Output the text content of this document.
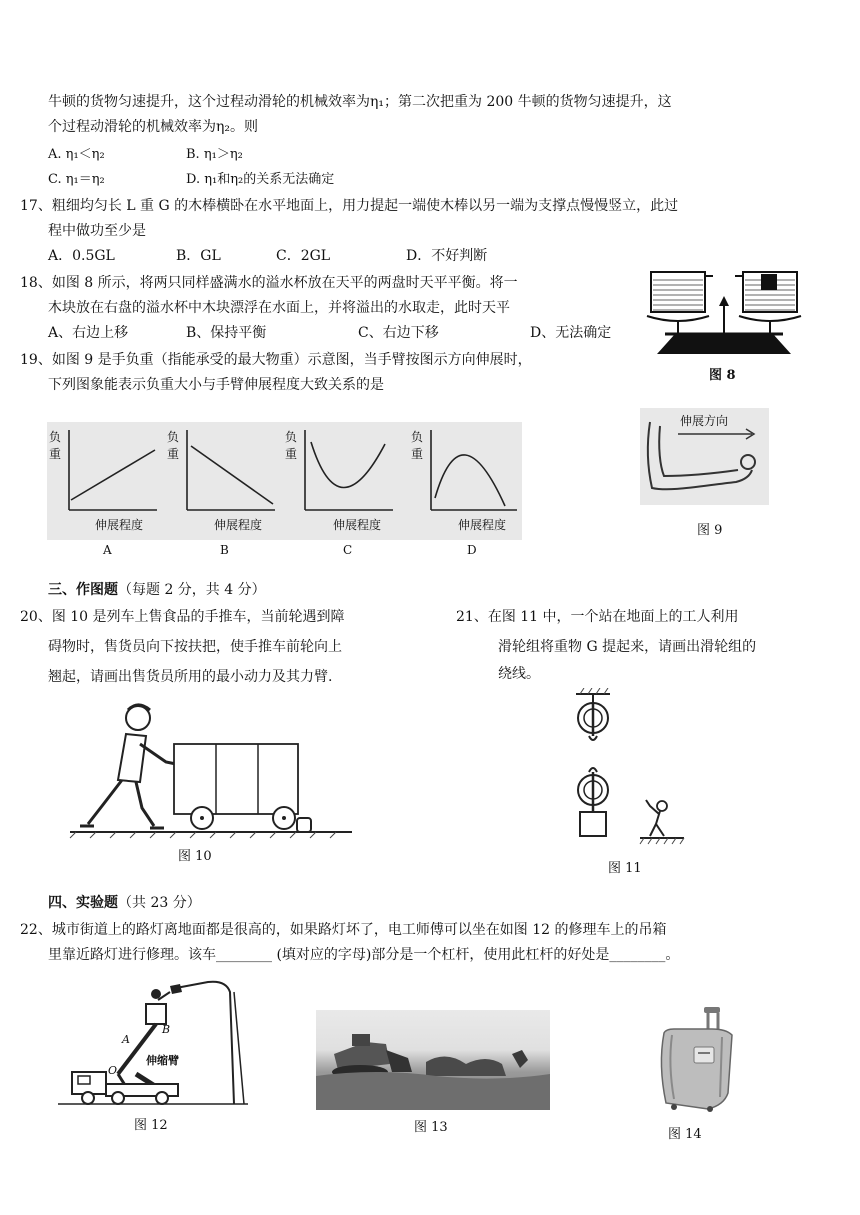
牛顿的货物匀速提升，这个过程动滑轮的机械效率为η₁；第二次把重为 200 牛顿的货物匀速提升，这
个过程动滑轮的机械效率为η₂。则
A. η₁＜η₂	B. η₁＞η₂
C. η₁＝η₂	D. η₁和η₂的关系无法确定
17、粗细均匀长 L 重 G 的木棒横卧在水平地面上，用力提起一端使木棒以另一端为支撑点慢慢竖立，此过
程中做功至少是
A．0.5GL	B．GL	C．2GL	D．不好判断
18、如图 8 所示，将两只同样盛满水的溢水杯放在天平的两盘时天平平衡。将一
木块放在右盘的溢水杯中木块漂浮在水面上，并将溢出的水取走，此时天平
A、右边上移	B、保持平衡	C、右边下移	D、无法确定
图 8
19、如图 9 是手负重（指能承受的最大物重）示意图，当手臂按图示方向伸展时，
下列图象能表示负重大小与手臂伸展程度大致关系的是
负
重
负
重
负
重
负
重
伸展程度	伸展程度	伸展程度	伸展程度
A	B	C	D
伸展方向
图 9
三、作图题（每题 2 分，共 4 分）
20、图 10 是列车上售食品的手推车，当前轮遇到障
碍物时，售货员向下按扶把，使手推车前轮向上
翘起，请画出售货员所用的最小动力及其力臂.
21、在图 11 中，一个站在地面上的工人利用
滑轮组将重物 G 提起来，请画出滑轮组的
绕线。
图 10
图 11
四、实验题（共 23 分）
22、城市街道上的路灯离地面都是很高的，如果路灯坏了，电工师傅可以坐在如图 12 的修理车上的吊箱
里靠近路灯进行修理。该车________ (填对应的字母)部分是一个杠杆，使用此杠杆的好处是________。
A
B
O
伸缩臂
图 12	图 13	图 14
